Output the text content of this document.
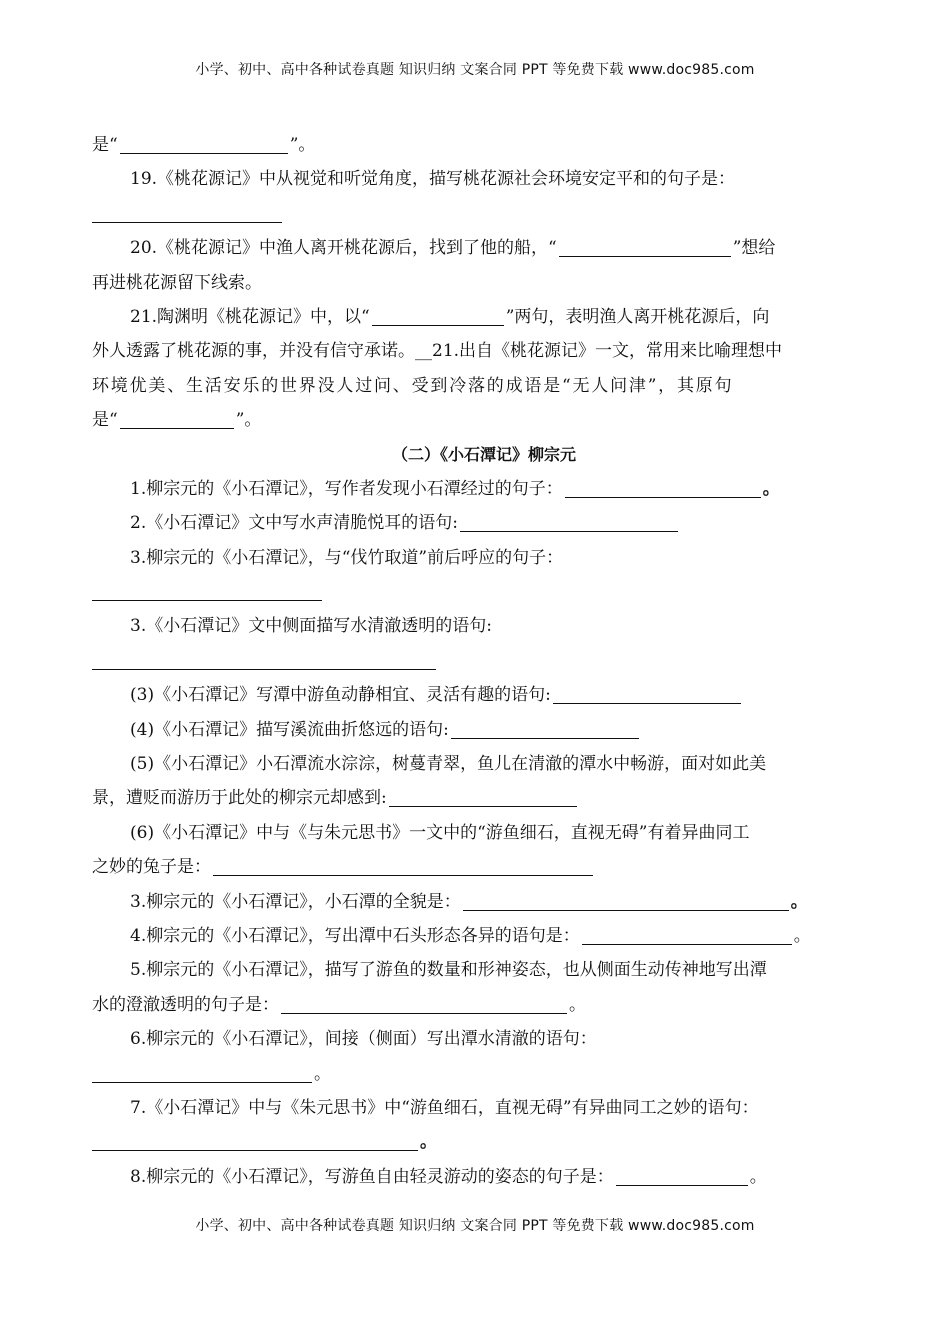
小学、初中、高中各种试卷真题 知识归纳 文案合同 PPT 等免费下载 www.doc985.com
是“	”。
19.《桃花源记》中从视觉和听觉角度，描写桃花源社会环境安定平和的句子是：
20.《桃花源记》中渔人离开桃花源后，找到了他的船，“	”想给
再进桃花源留下线索。
21.陶渊明《桃花源记》中，以“	”两句，表明渔人离开桃花源后，向
外人透露了桃花源的事，并没有信守承诺。__21.出自《桃花源记》一文，常用来比喻理想中
环境优美、生活安乐的世界没人过问、受到冷落的成语是“无人问津”，其原句
是“	”。
（二）《小石潭记》柳宗元
1.柳宗元的《小石潭记》，写作者发现小石潭经过的句子：	。
2.《小石潭记》文中写水声清脆悦耳的语句:
3.柳宗元的《小石潭记》，与“伐竹取道”前后呼应的句子：
3.《小石潭记》文中侧面描写水清澈透明的语句:
(3)《小石潭记》写潭中游鱼动静相宜、灵活有趣的语句:
(4)《小石潭记》描写溪流曲折悠远的语句:
(5)《小石潭记》小石潭流水淙淙，树蔓青翠，鱼儿在清澈的潭水中畅游，面对如此美
景，遭贬而游历于此处的柳宗元却感到:
(6)《小石潭记》中与《与朱元思书》一文中的“游鱼细石，直视无碍”有着异曲同工
之妙的兔子是：
3.柳宗元的《小石潭记》，小石潭的全貌是：	。
4.柳宗元的《小石潭记》，写出潭中石头形态各异的语句是：	。
5.柳宗元的《小石潭记》，描写了游鱼的数量和形神姿态，也从侧面生动传神地写出潭
水的澄澈透明的句子是：	。
6.柳宗元的《小石潭记》，间接（侧面）写出潭水清澈的语句：
。
7.《小石潭记》中与《朱元思书》中“游鱼细石，直视无碍”有异曲同工之妙的语句：
。
8.柳宗元的《小石潭记》，写游鱼自由轻灵游动的姿态的句子是：	。
小学、初中、高中各种试卷真题 知识归纳 文案合同 PPT 等免费下载 www.doc985.com
